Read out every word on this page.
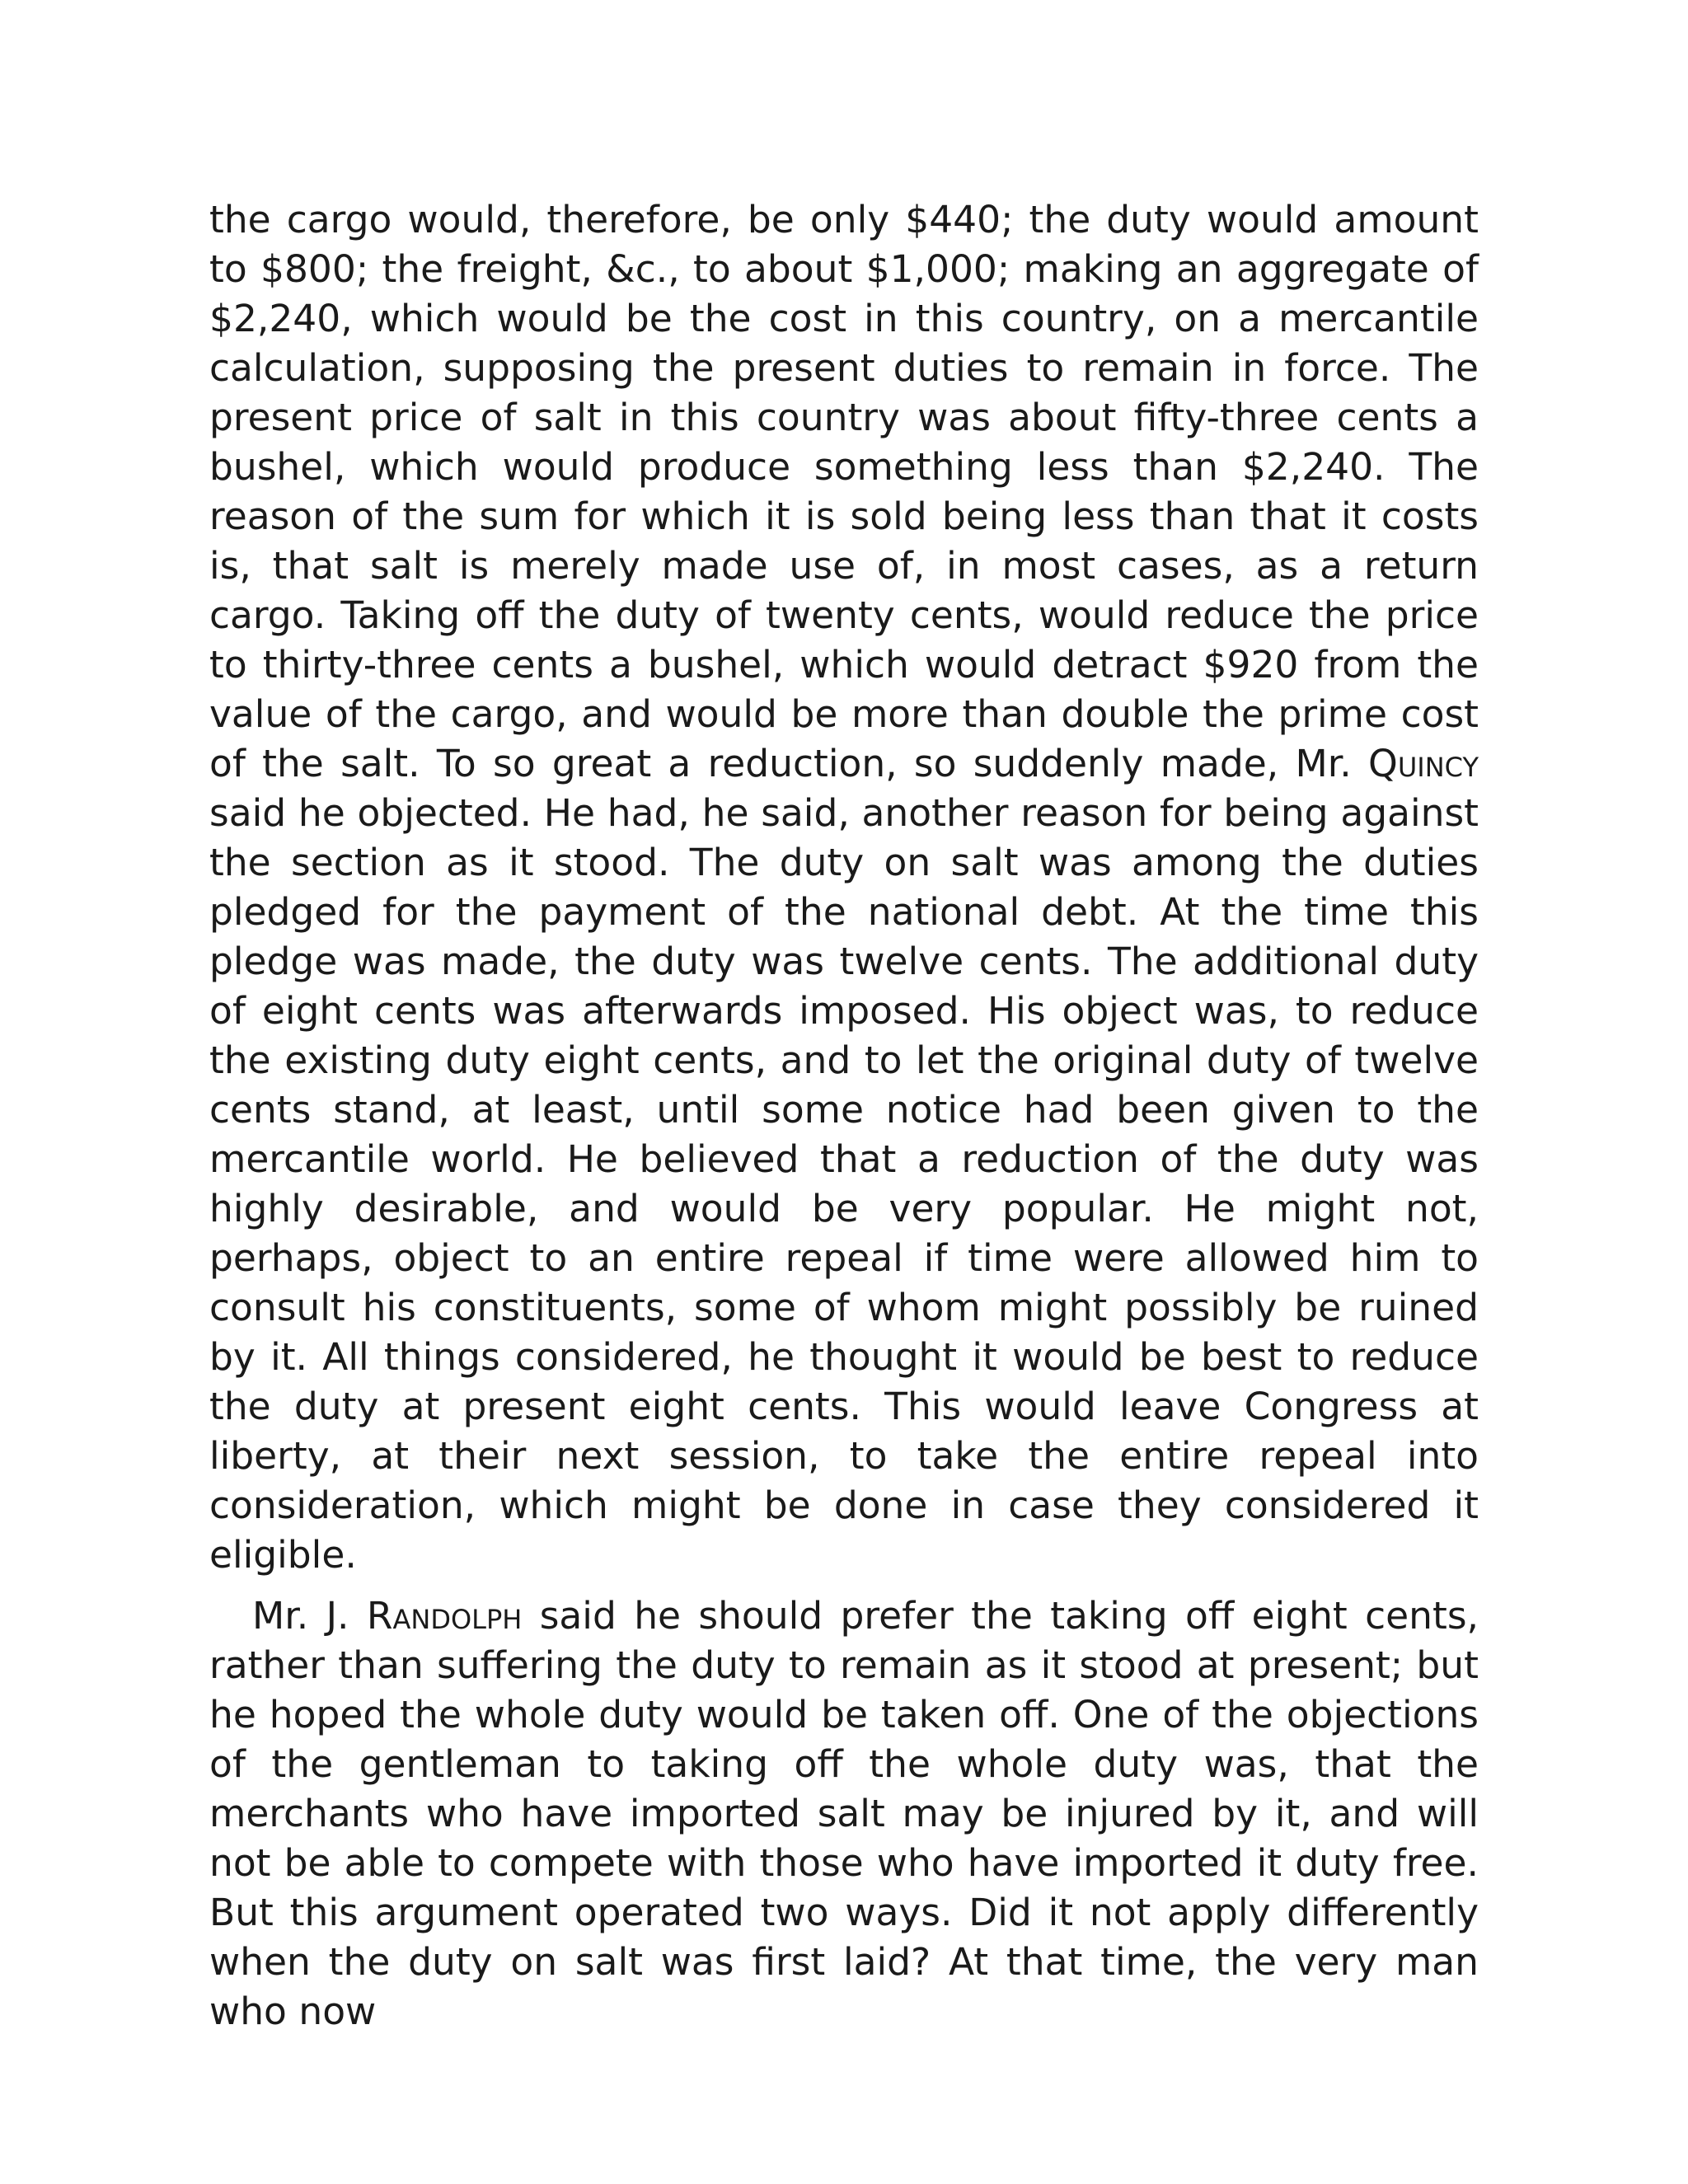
the cargo would, therefore, be only $440; the duty would amount to $800; the freight, &c., to about $1,000; making an aggregate of $2,240, which would be the cost in this country, on a mercantile calculation, supposing the present duties to remain in force. The present price of salt in this country was about fifty-three cents a bushel, which would produce something less than $2,240. The reason of the sum for which it is sold being less than that it costs is, that salt is merely made use of, in most cases, as a return cargo. Taking off the duty of twenty cents, would reduce the price to thirty-three cents a bushel, which would detract $920 from the value of the cargo, and would be more than double the prime cost of the salt. To so great a reduction, so suddenly made, Mr. Quincy said he objected. He had, he said, another reason for being against the section as it stood. The duty on salt was among the duties pledged for the payment of the national debt. At the time this pledge was made, the duty was twelve cents. The additional duty of eight cents was afterwards imposed. His object was, to reduce the existing duty eight cents, and to let the original duty of twelve cents stand, at least, until some notice had been given to the mercantile world. He believed that a reduction of the duty was highly desirable, and would be very popular. He might not, perhaps, object to an entire repeal if time were allowed him to consult his constituents, some of whom might possibly be ruined by it. All things considered, he thought it would be best to reduce the duty at present eight cents. This would leave Congress at liberty, at their next session, to take the entire repeal into consideration, which might be done in case they considered it eligible.

Mr. J. Randolph said he should prefer the taking off eight cents, rather than suffering the duty to remain as it stood at present; but he hoped the whole duty would be taken off. One of the objections of the gentleman to taking off the whole duty was, that the merchants who have imported salt may be injured by it, and will not be able to compete with those who have imported it duty free. But this argument operated two ways. Did it not apply differently when the duty on salt was first laid? At that time, the very man who now
